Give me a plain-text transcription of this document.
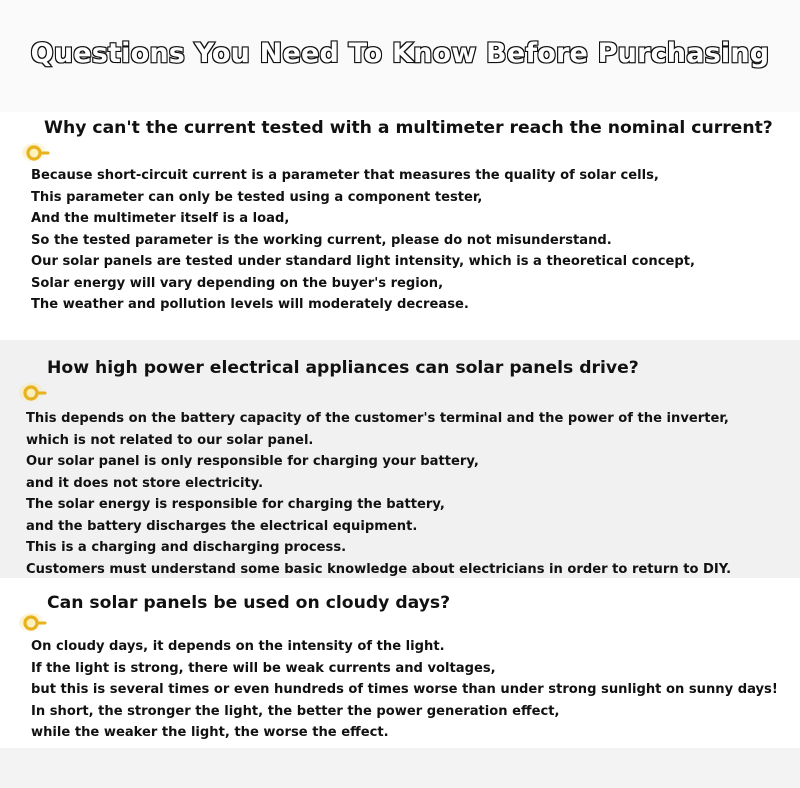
Questions You Need To Know Before Purchasing
Why can't the current tested with a multimeter reach the nominal current?
Because short-circuit current is a parameter that measures the quality of solar cells,
This parameter can only be tested using a component tester,
And the multimeter itself is a load,
So the tested parameter is the working current, please do not misunderstand.
Our solar panels are tested under standard light intensity, which is a theoretical concept,
Solar energy will vary depending on the buyer's region,
The weather and pollution levels will moderately decrease.
How high power electrical appliances can solar panels drive?
This depends on the battery capacity of the customer's terminal and the power of the inverter,
which is not related to our solar panel.
Our solar panel is only responsible for charging your battery,
and it does not store electricity.
The solar energy is responsible for charging the battery,
and the battery discharges the electrical equipment.
This is a charging and discharging process.
Customers must understand some basic knowledge about electricians in order to return to DIY.
Can solar panels be used on cloudy days?
On cloudy days, it depends on the intensity of the light.
If the light is strong, there will be weak currents and voltages,
but this is several times or even hundreds of times worse than under strong sunlight on sunny days!
In short, the stronger the light, the better the power generation effect,
while the weaker the light, the worse the effect.
